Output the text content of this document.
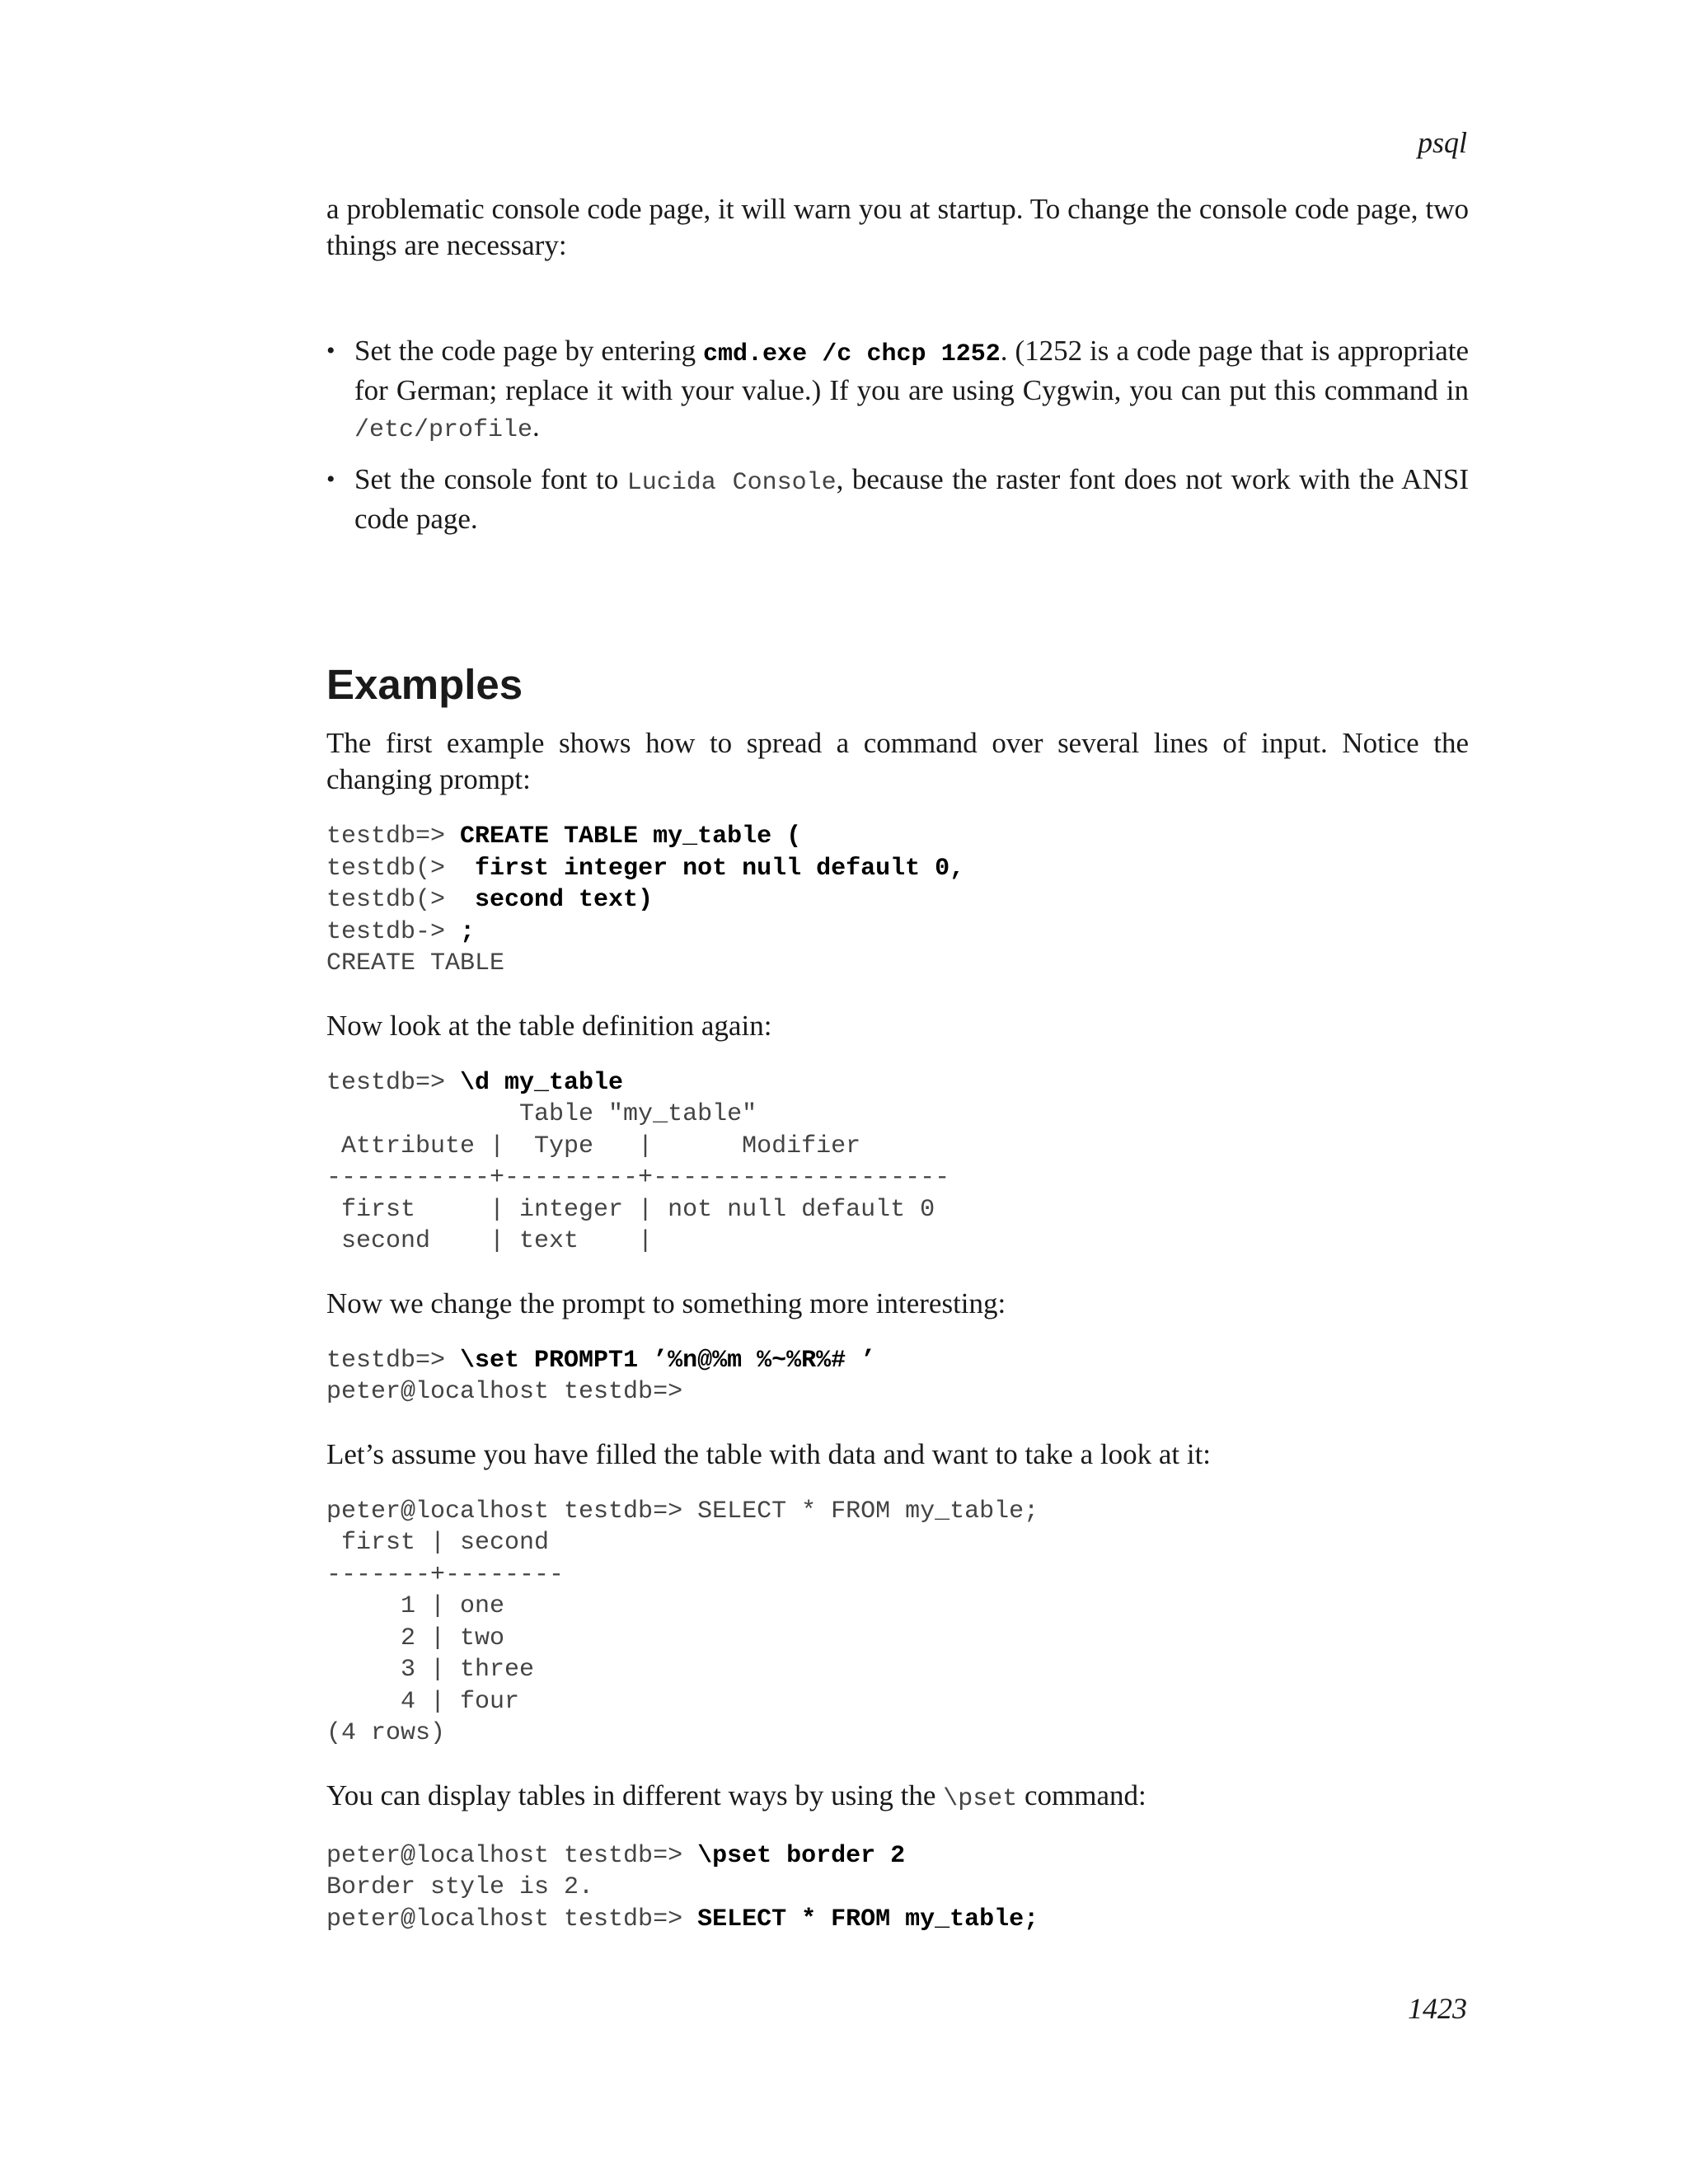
psql

a problematic console code page, it will warn you at startup. To change the console code page, two things are necessary:

• Set the code page by entering cmd.exe /c chcp 1252. (1252 is a code page that is appropriate for German; replace it with your value.) If you are using Cygwin, you can put this command in /etc/profile.
• Set the console font to Lucida Console, because the raster font does not work with the ANSI code page.
Examples

The first example shows how to spread a command over several lines of input. Notice the changing prompt:

testdb=> CREATE TABLE my_table (
testdb(>  first integer not null default 0,
testdb(>  second text)
testdb-> ;
CREATE TABLE

Now look at the table definition again:

testdb=> \d my_table
Table "my_table"
Attribute |  Type   |      Modifier
-----------+---------+--------------------
first     | integer | not null default 0
second    | text    |

Now we change the prompt to something more interesting:

testdb=> \set PROMPT1 ’%n@%m %~%R%# ’
peter@localhost testdb=>

Let’s assume you have filled the table with data and want to take a look at it:

peter@localhost testdb=> SELECT * FROM my_table;
first | second
-------+--------
1 | one
2 | two
3 | three
4 | four
(4 rows)

You can display tables in different ways by using the \pset command:

peter@localhost testdb=> \pset border 2
Border style is 2.
peter@localhost testdb=> SELECT * FROM my_table;
1423
